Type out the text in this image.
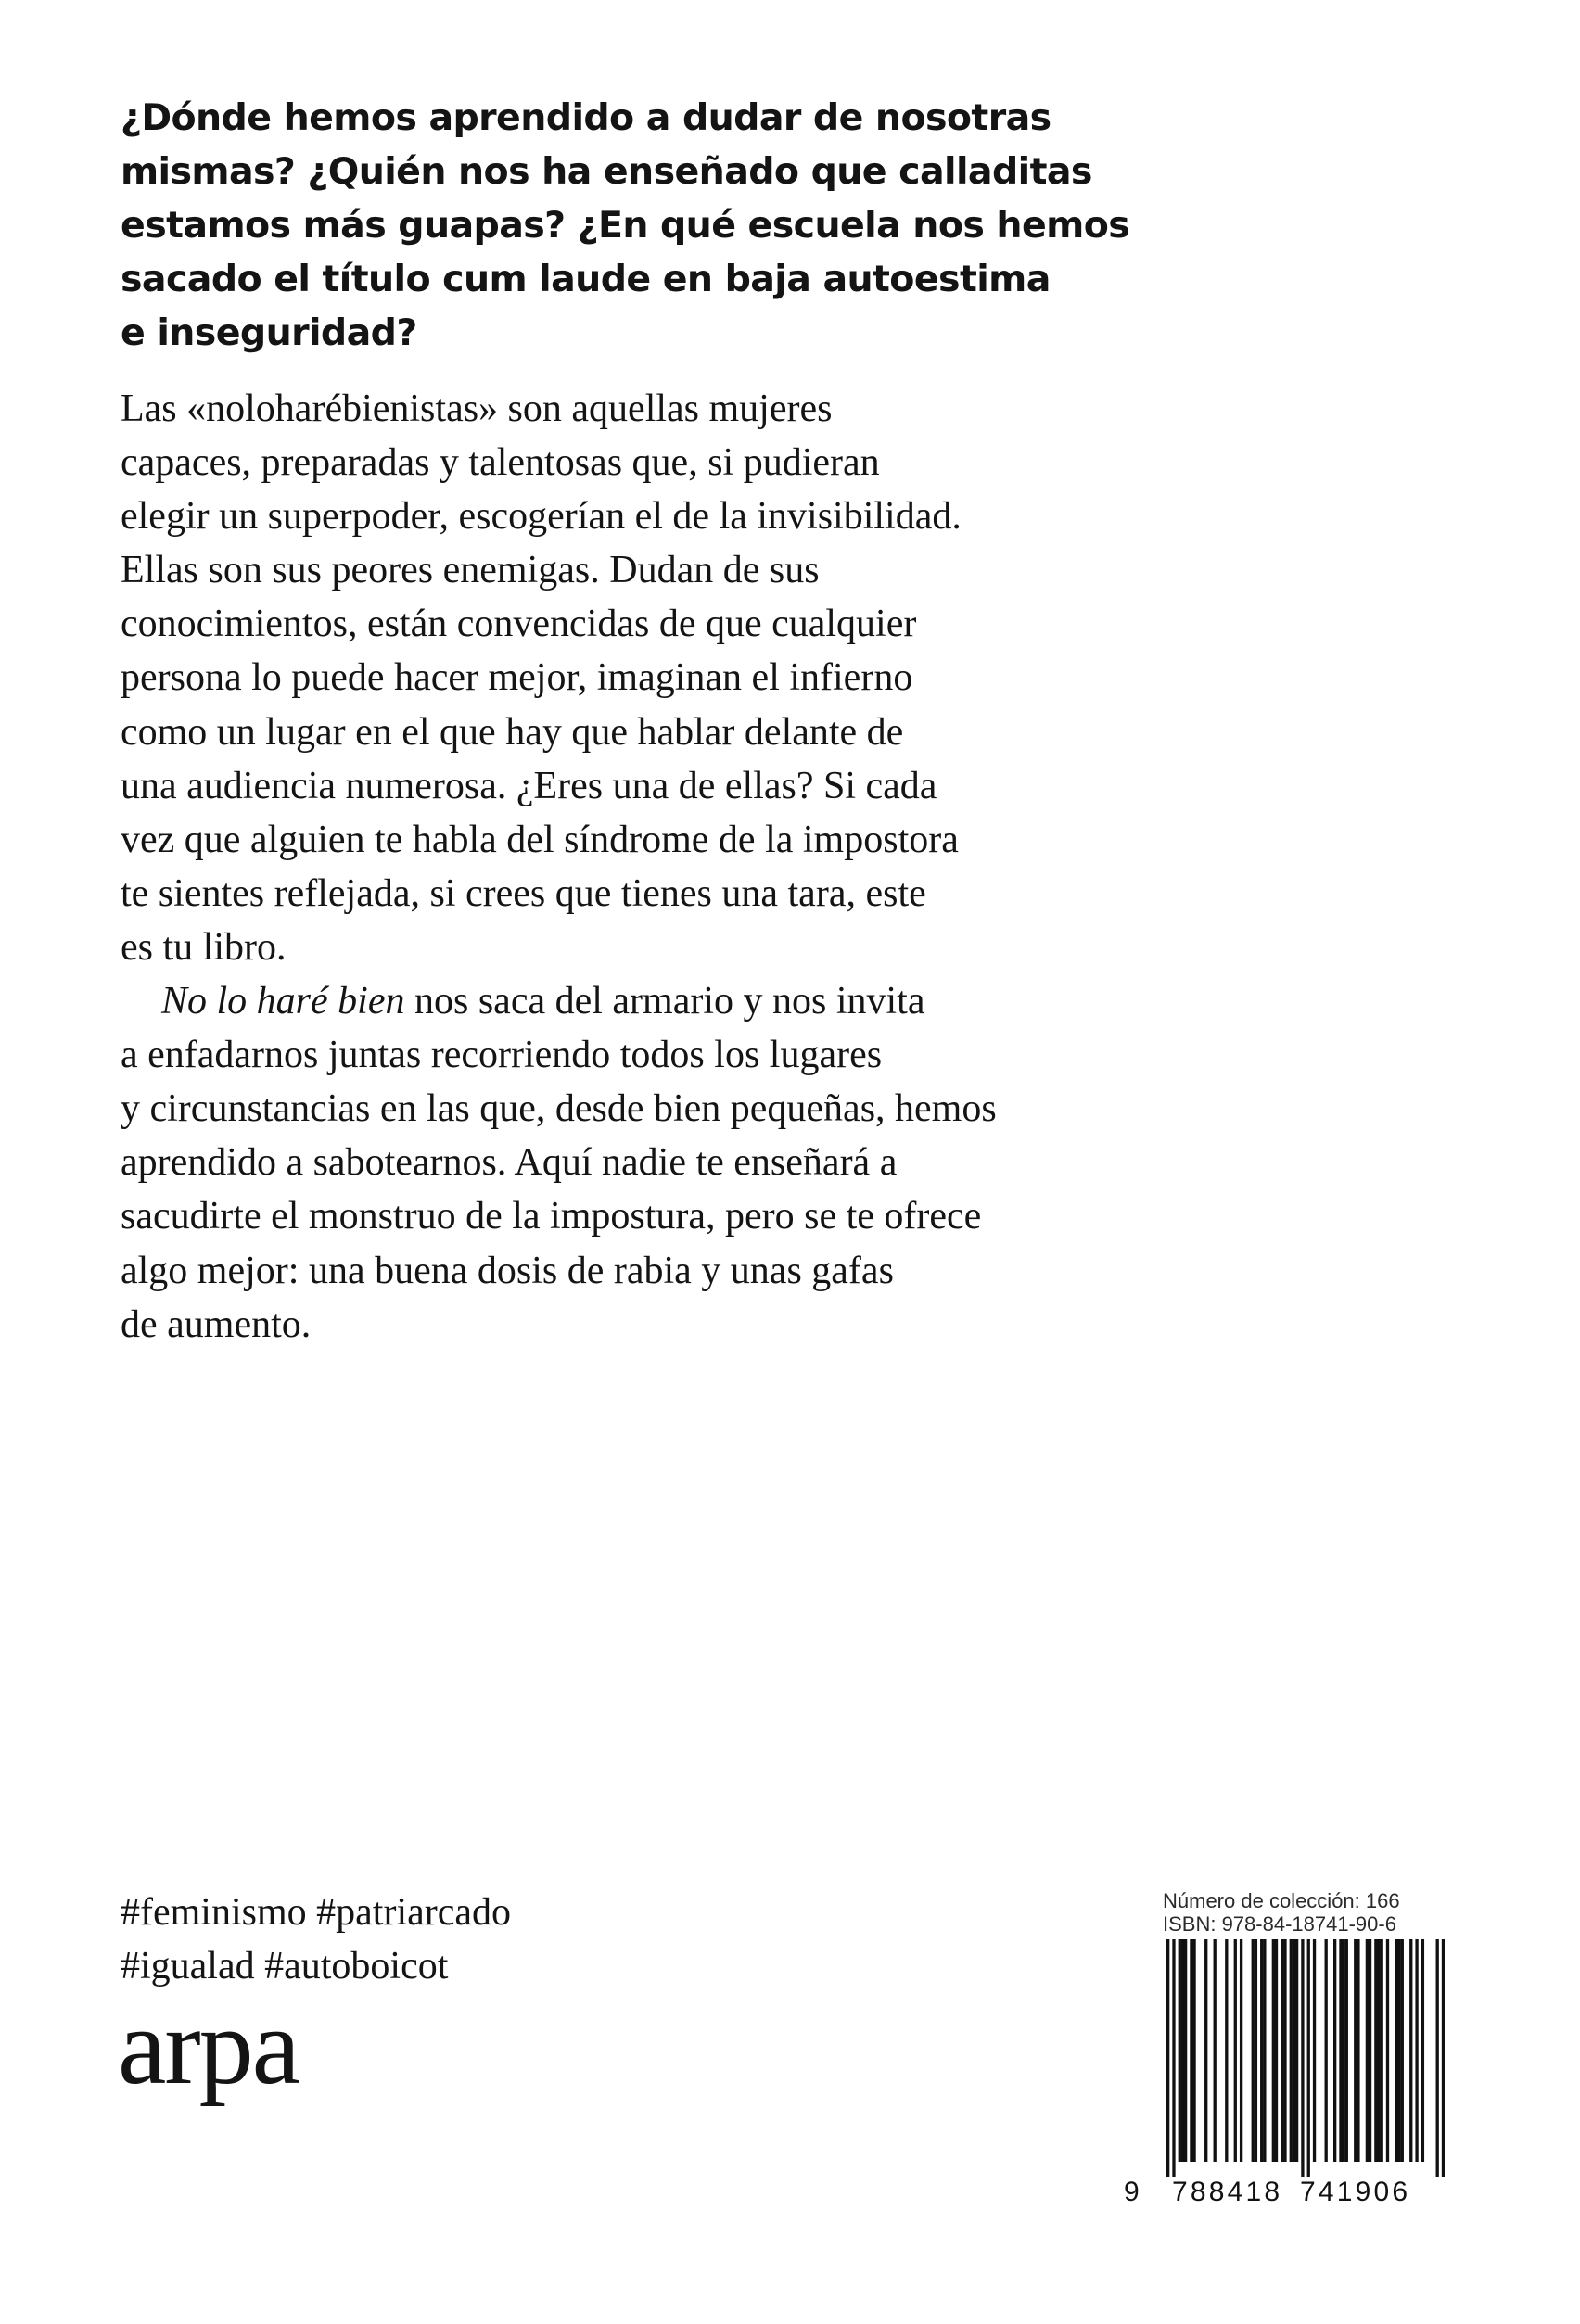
¿Dónde hemos aprendido a dudar de nosotras
mismas? ¿Quién nos ha enseñado que calladitas
estamos más guapas? ¿En qué escuela nos hemos
sacado el título cum laude en baja autoestima
e inseguridad?
Las «noloharébienistas» son aquellas mujeres
capaces, preparadas y talentosas que, si pudieran
elegir un superpoder, escogerían el de la invisibilidad.
Ellas son sus peores enemigas. Dudan de sus
conocimientos, están convencidas de que cualquier
persona lo puede hacer mejor, imaginan el infierno
como un lugar en el que hay que hablar delante de
una audiencia numerosa. ¿Eres una de ellas? Si cada
vez que alguien te habla del síndrome de la impostora
te sientes reflejada, si crees que tienes una tara, este
es tu libro.
No lo haré bien nos saca del armario y nos invita
a enfadarnos juntas recorriendo todos los lugares
y circunstancias en las que, desde bien pequeñas, hemos
aprendido a sabotearnos. Aquí nadie te enseñará a
sacudirte el monstruo de la impostura, pero se te ofrece
algo mejor: una buena dosis de rabia y unas gafas
de aumento.
#feminismo #patriarcado
#igualad #autoboicot
arpa
Número de colección: 166
ISBN: 978-84-18741-90-6
9 788418 741906
